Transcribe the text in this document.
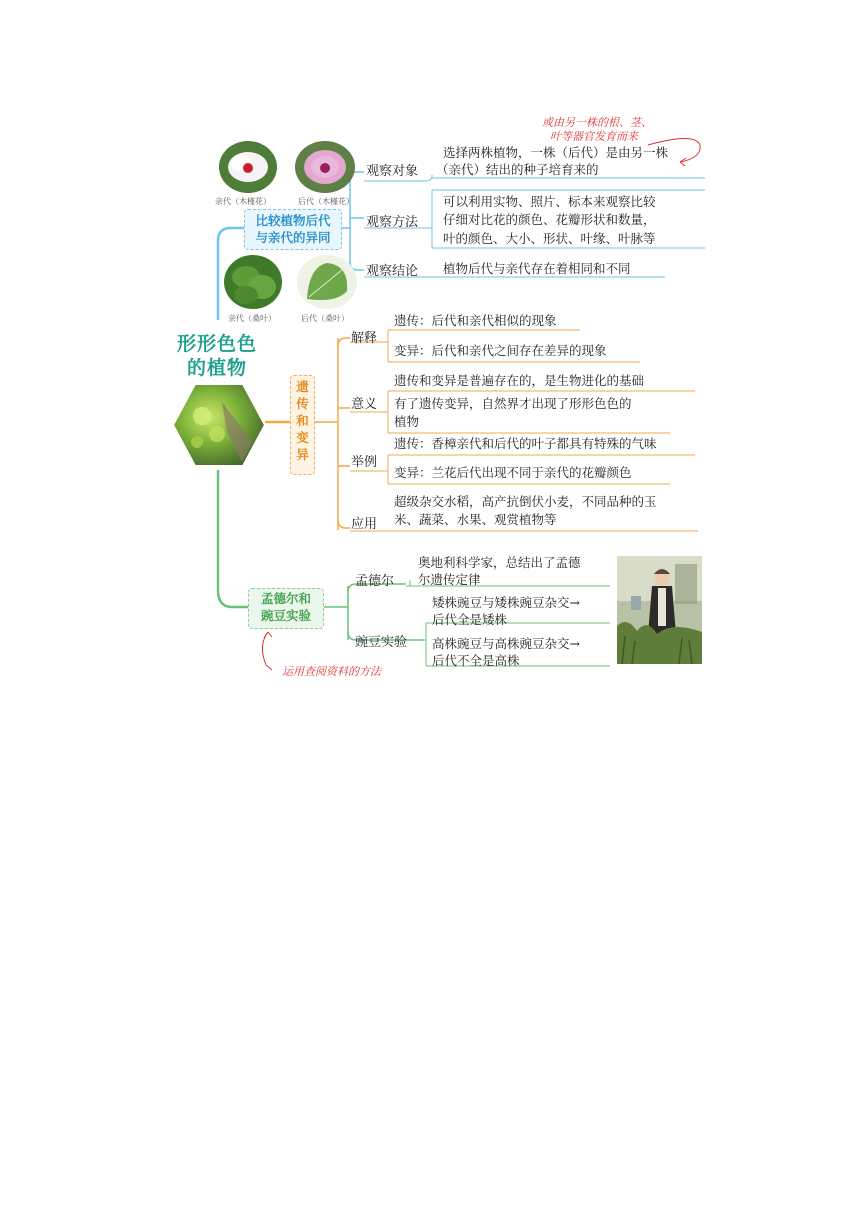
形形色色
的植物
亲代（木槿花）	后代（木槿花）
亲代（桑叶）	后代（桑叶）
比较植物后代
与亲代的异同
观察对象
选择两株植物，一株（后代）是由另一株
（亲代）结出的种子培育来的
观察方法
可以利用实物、照片、标本来观察比较
仔细对比花的颜色、花瓣形状和数量，
叶的颜色、大小、形状、叶缘、叶脉等
观察结论 植物后代与亲代存在着相同和不同
或由另一株的根、茎、
叶等器官发育而来
遗
传
和
变
异
解释
遗传：后代和亲代相似的现象
变异：后代和亲代之间存在差异的现象
意义
遗传和变异是普遍存在的，是生物进化的基础
有了遗传变异，自然界才出现了形形色色的
植物
举例
遗传：香樟亲代和后代的叶子都具有特殊的气味
变异：兰花后代出现不同于亲代的花瓣颜色
应用
超级杂交水稻，高产抗倒伏小麦，不同品种的玉
米、蔬菜、水果、观赏植物等
孟德尔和
豌豆实验
孟德尔
奥地利科学家，总结出了孟德
尔遗传定律
豌豆实验
矮株豌豆与矮株豌豆杂交→
后代全是矮株
高株豌豆与高株豌豆杂交→
后代不全是高株
运用查阅资料的方法
